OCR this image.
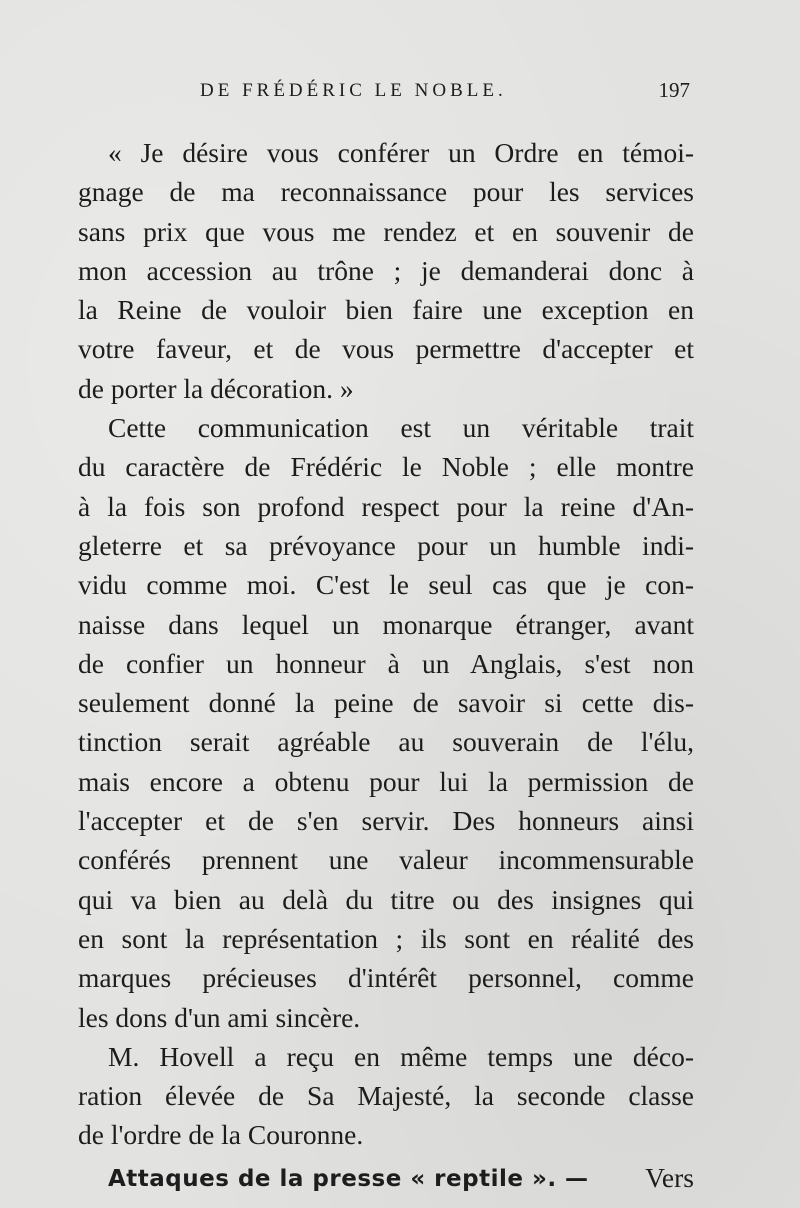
DE FRÉDÉRIC LE NOBLE.	197
« Je désire vous conférer un Ordre en témoi-
gnage de ma reconnaissance pour les services
sans prix que vous me rendez et en souvenir de
mon accession au trône ; je demanderai donc à
la Reine de vouloir bien faire une exception en
votre faveur, et de vous permettre d'accepter et
de porter la décoration. »
Cette communication est un véritable trait
du caractère de Frédéric le Noble ; elle montre
à la fois son profond respect pour la reine d'An-
gleterre et sa prévoyance pour un humble indi-
vidu comme moi. C'est le seul cas que je con-
naisse dans lequel un monarque étranger, avant
de confier un honneur à un Anglais, s'est non
seulement donné la peine de savoir si cette dis-
tinction serait agréable au souverain de l'élu,
mais encore a obtenu pour lui la permission de
l'accepter et de s'en servir. Des honneurs ainsi
conférés prennent une valeur incommensurable
qui va bien au delà du titre ou des insignes qui
en sont la représentation ; ils sont en réalité des
marques précieuses d'intérêt personnel, comme
les dons d'un ami sincère.
M. Hovell a reçu en même temps une déco-
ration élevée de Sa Majesté, la seconde classe
de l'ordre de la Couronne.
Attaques de la presse « reptile ». — Vers
